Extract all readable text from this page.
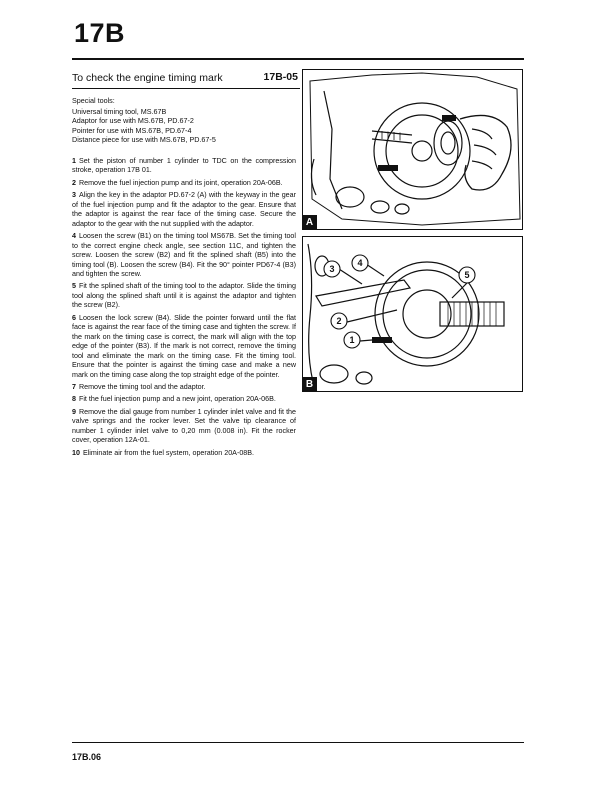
17B
To check the engine timing mark	17B-05
Special tools:
Universal timing tool, MS.67B
Adaptor for use with MS.67B, PD.67-2
Pointer for use with MS.67B, PD.67-4
Distance piece for use with MS.67B, PD.67-5

1 Set the piston of number 1 cylinder to TDC on the compression stroke, operation 17B 01.

2 Remove the fuel injection pump and its joint, operation 20A-06B.

3 Align the key in the adaptor PD.67-2 (A) with the keyway in the gear of the fuel injection pump and fit the adaptor to the gear. Ensure that the adaptor is against the rear face of the timing case. Secure the adaptor to the gear with the nut supplied with the adaptor.

4 Loosen the screw (B1) on the timing tool MS67B. Set the timing tool to the correct engine check angle, see section 11C, and tighten the screw. Loosen the screw (B2) and fit the splined shaft (B5) into the timing tool (B). Loosen the screw (B4). Fit the 90° pointer PD67-4 (B3) and tighten the screw.

5 Fit the splined shaft of the timing tool to the adaptor. Slide the timing tool along the splined shaft until it is against the adaptor and tighten the screw (B2).

6 Loosen the lock screw (B4). Slide the pointer forward until the flat face is against the rear face of the timing case and tighten the screw. If the mark on the timing case is correct, the mark will align with the top edge of the pointer (B3). If the mark is not correct, remove the timing tool and eliminate the mark on the timing case. Fit the timing tool. Ensure that the pointer is against the timing case and make a new mark on the timing case along the top straight edge of the pointer.

7 Remove the timing tool and the adaptor.

8 Fit the fuel injection pump and a new joint, operation 20A-06B.

9 Remove the dial gauge from number 1 cylinder inlet valve and fit the valve springs and the rocker lever. Set the valve tip clearance of number 1 cylinder inlet valve to 0,20 mm (0.008 in). Fit the rocker cover, operation 12A-01.

10 Eliminate air from the fuel system, operation 20A-08B.

A
1
2
3
4
5
B
17B.06
